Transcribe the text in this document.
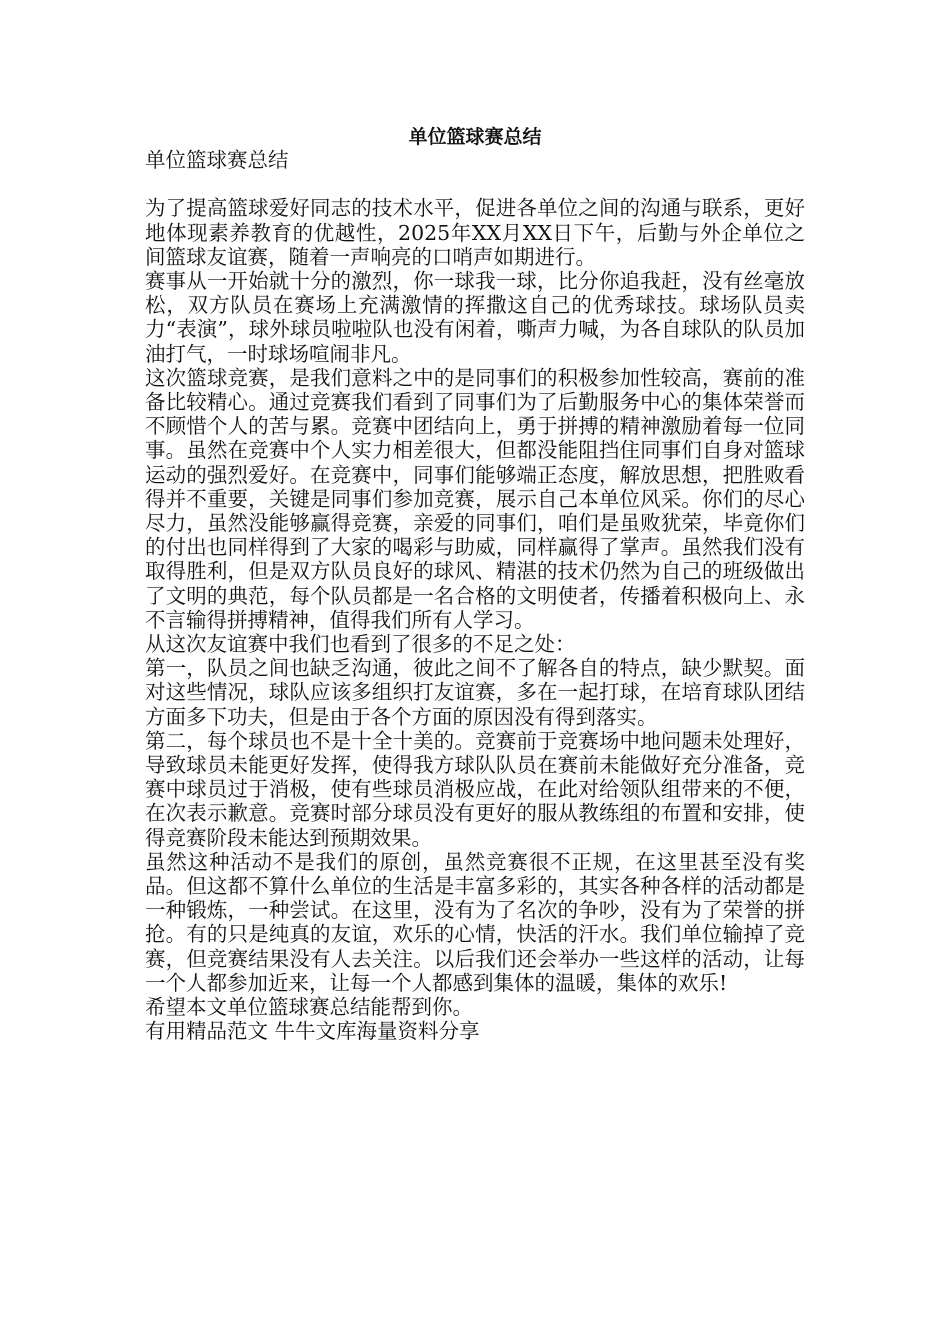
单位篮球赛总结

单位篮球赛总结

为了提高篮球爱好同志的技术水平，促进各单位之间的沟通与联系，更好地体现素养教育的优越性，2025年XX月XX日下午，后勤与外企单位之间篮球友谊赛，随着一声响亮的口哨声如期进行。

赛事从一开始就十分的激烈，你一球我一球，比分你追我赶，没有丝毫放松，双方队员在赛场上充满激情的挥撒这自己的优秀球技。球场队员卖力“表演”，球外球员啦啦队也没有闲着，嘶声力喊，为各自球队的队员加油打气，一时球场喧闹非凡。

这次篮球竞赛，是我们意料之中的是同事们的积极参加性较高，赛前的准备比较精心。通过竞赛我们看到了同事们为了后勤服务中心的集体荣誉而不顾惜个人的苦与累。竞赛中团结向上，勇于拼搏的精神激励着每一位同事。虽然在竞赛中个人实力相差很大，但都没能阻挡住同事们自身对篮球运动的强烈爱好。在竞赛中，同事们能够端正态度，解放思想，把胜败看得并不重要，关键是同事们参加竞赛，展示自己本单位风采。你们的尽心尽力，虽然没能够赢得竞赛，亲爱的同事们，咱们是虽败犹荣，毕竟你们的付出也同样得到了大家的喝彩与助威，同样赢得了掌声。虽然我们没有取得胜利，但是双方队员良好的球风、精湛的技术仍然为自己的班级做出了文明的典范，每个队员都是一名合格的文明使者，传播着积极向上、永不言输得拼搏精神，值得我们所有人学习。

从这次友谊赛中我们也看到了很多的不足之处：

第一，队员之间也缺乏沟通，彼此之间不了解各自的特点，缺少默契。面对这些情况，球队应该多组织打友谊赛，多在一起打球，在培育球队团结方面多下功夫，但是由于各个方面的原因没有得到落实。

第二，每个球员也不是十全十美的。竞赛前于竞赛场中地问题未处理好，导致球员未能更好发挥，使得我方球队队员在赛前未能做好充分准备，竞赛中球员过于消极，使有些球员消极应战，在此对给领队组带来的不便，在次表示歉意。竞赛时部分球员没有更好的服从教练组的布置和安排，使得竞赛阶段未能达到预期效果。

虽然这种活动不是我们的原创，虽然竞赛很不正规，在这里甚至没有奖品。但这都不算什么单位的生活是丰富多彩的，其实各种各样的活动都是一种锻炼，一种尝试。在这里，没有为了名次的争吵，没有为了荣誉的拼抢。有的只是纯真的友谊，欢乐的心情，快活的汗水。我们单位输掉了竞赛，但竞赛结果没有人去关注。以后我们还会举办一些这样的活动，让每一个人都参加近来，让每一个人都感到集体的温暖，集体的欢乐!

希望本文单位篮球赛总结能帮到你。

有用精品范文 牛牛文库海量资料分享
